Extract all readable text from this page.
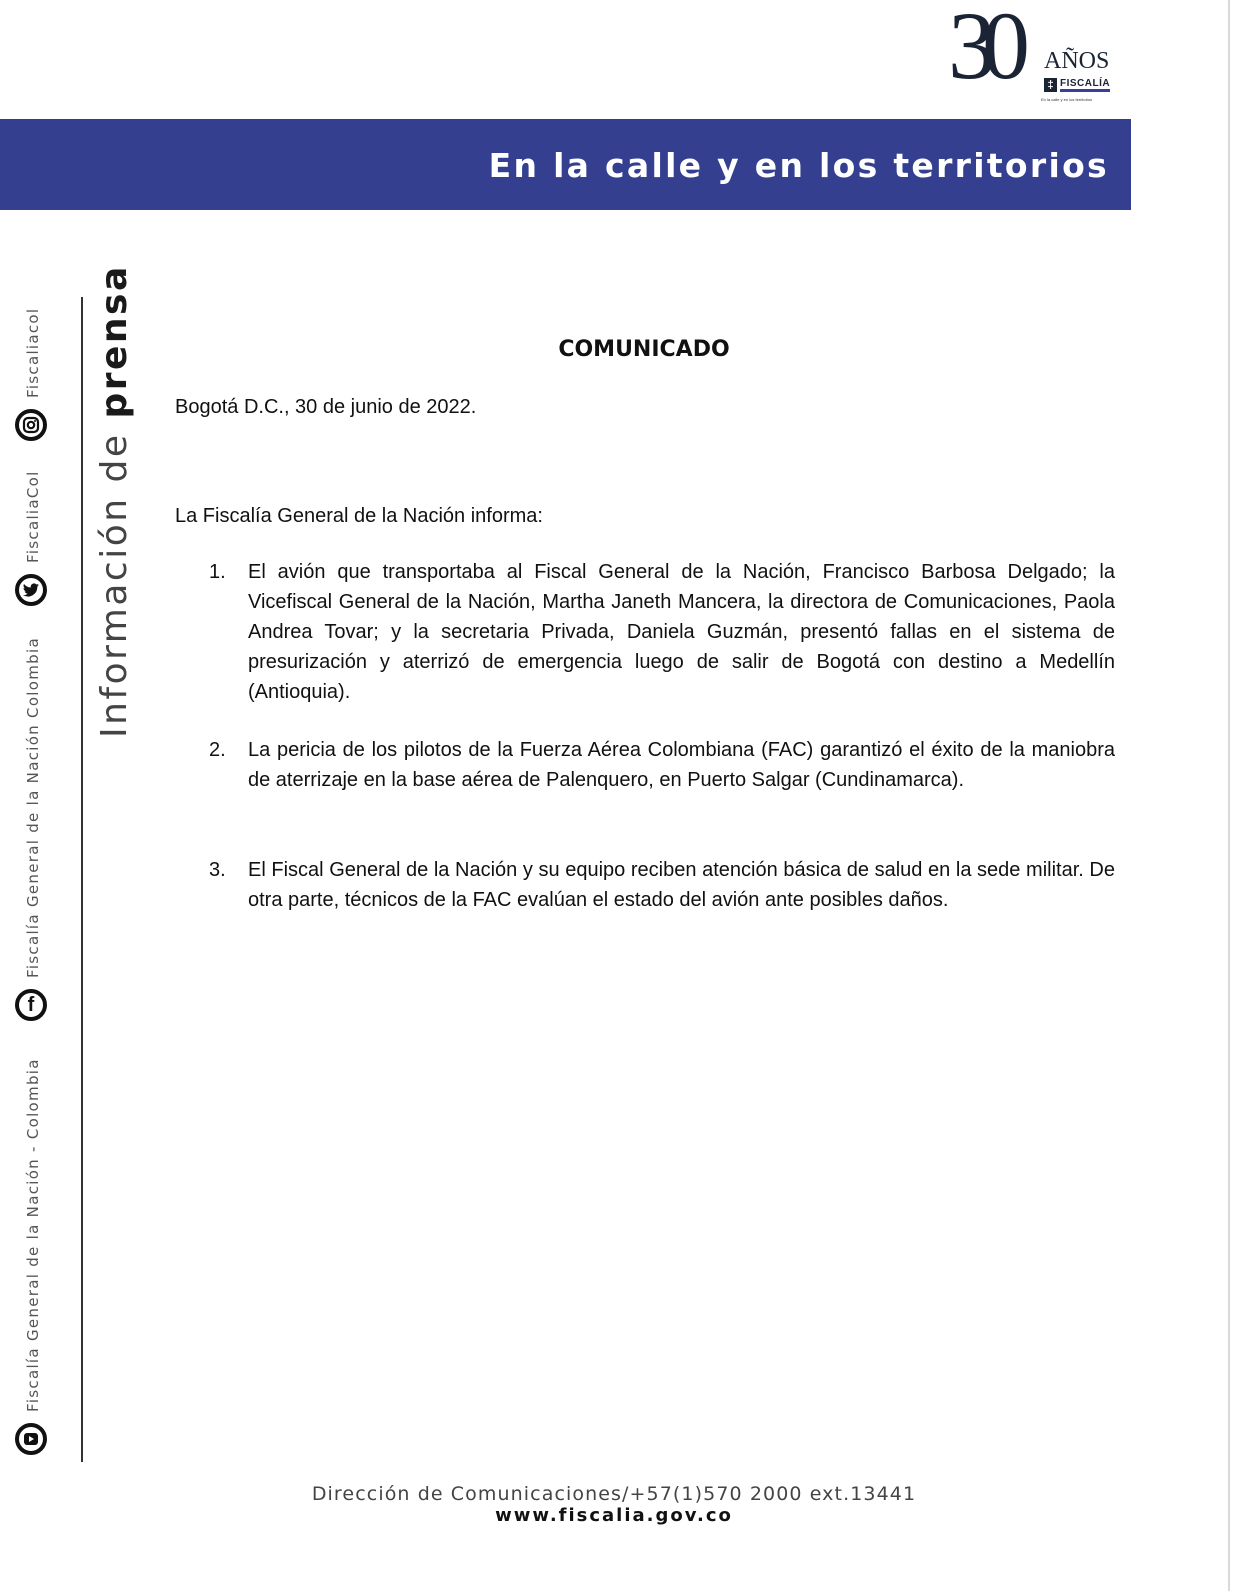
30 AÑOS
‡ FISCALÍA
En la calle y en los territorios
En la calle y en los territorios
Información de prensa
Fiscaliacol
FiscaliaCol
Fiscalía General de la Nación Colombia
f
Fiscalía General de la Nación - Colombia
COMUNICADO
Bogotá D.C., 30 de junio de 2022.
La Fiscalía General de la Nación informa:
1.	El avión que transportaba al Fiscal General de la Nación, Francisco Barbosa Delgado; la Vicefiscal General de la Nación, Martha Janeth Mancera, la directora de Comunicaciones, Paola Andrea Tovar; y la secretaria Privada, Daniela Guzmán, presentó fallas en el sistema de presurización y aterrizó de emergencia luego de salir de Bogotá con destino a Medellín (Antioquia).
2.	La pericia de los pilotos de la Fuerza Aérea Colombiana (FAC) garantizó el éxito de la maniobra de aterrizaje en la base aérea de Palenquero, en Puerto Salgar (Cundinamarca).
3.	El Fiscal General de la Nación y su equipo reciben atención básica de salud en la sede militar. De otra parte, técnicos de la FAC evalúan el estado del avión ante posibles daños.
Dirección de Comunicaciones/+57(1)570 2000 ext.13441
www.fiscalia.gov.co
